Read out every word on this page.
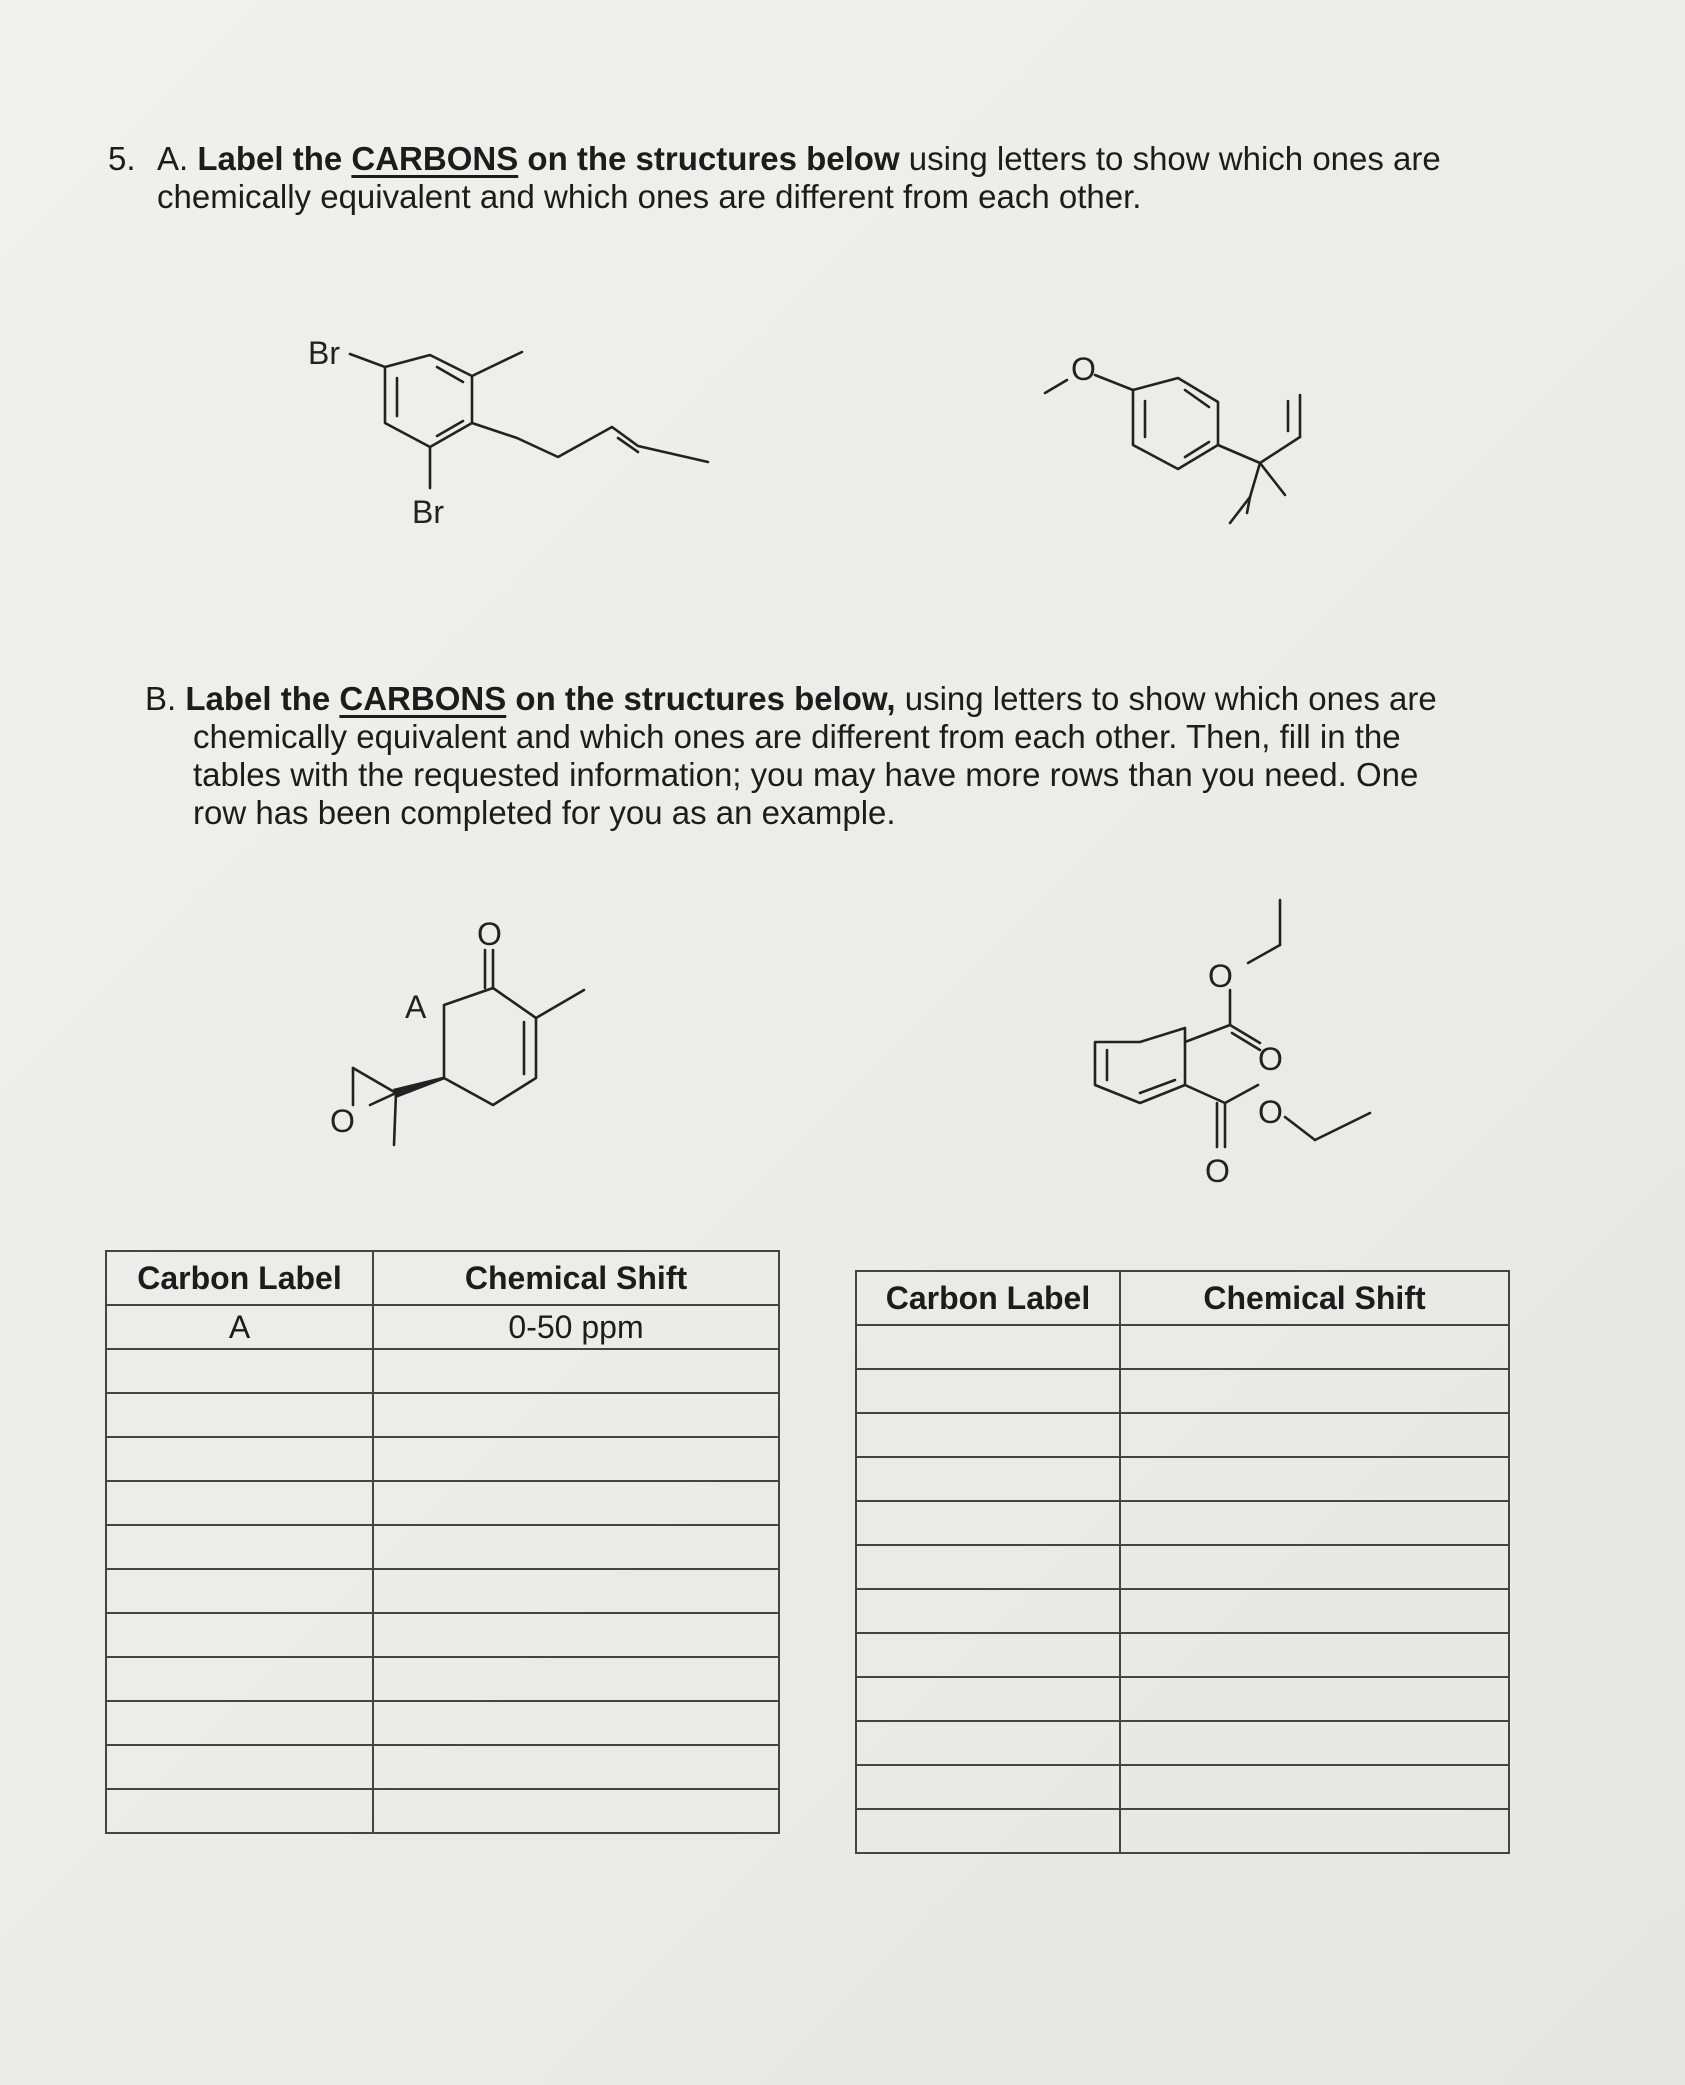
5. A. Label the CARBONS on the structures below using letters to show which ones are
chemically equivalent and which ones are different from each other.
Br
Br
O
B. Label the CARBONS on the structures below, using letters to show which ones are
chemically equivalent and which ones are different from each other. Then, fill in the
tables with the requested information; you may have more rows than you need. One
row has been completed for you as an example.
A
O
O
O
O
O
O
Carbon Label	Chemical Shift
A	0-50 ppm

Carbon Label	Chemical Shift
